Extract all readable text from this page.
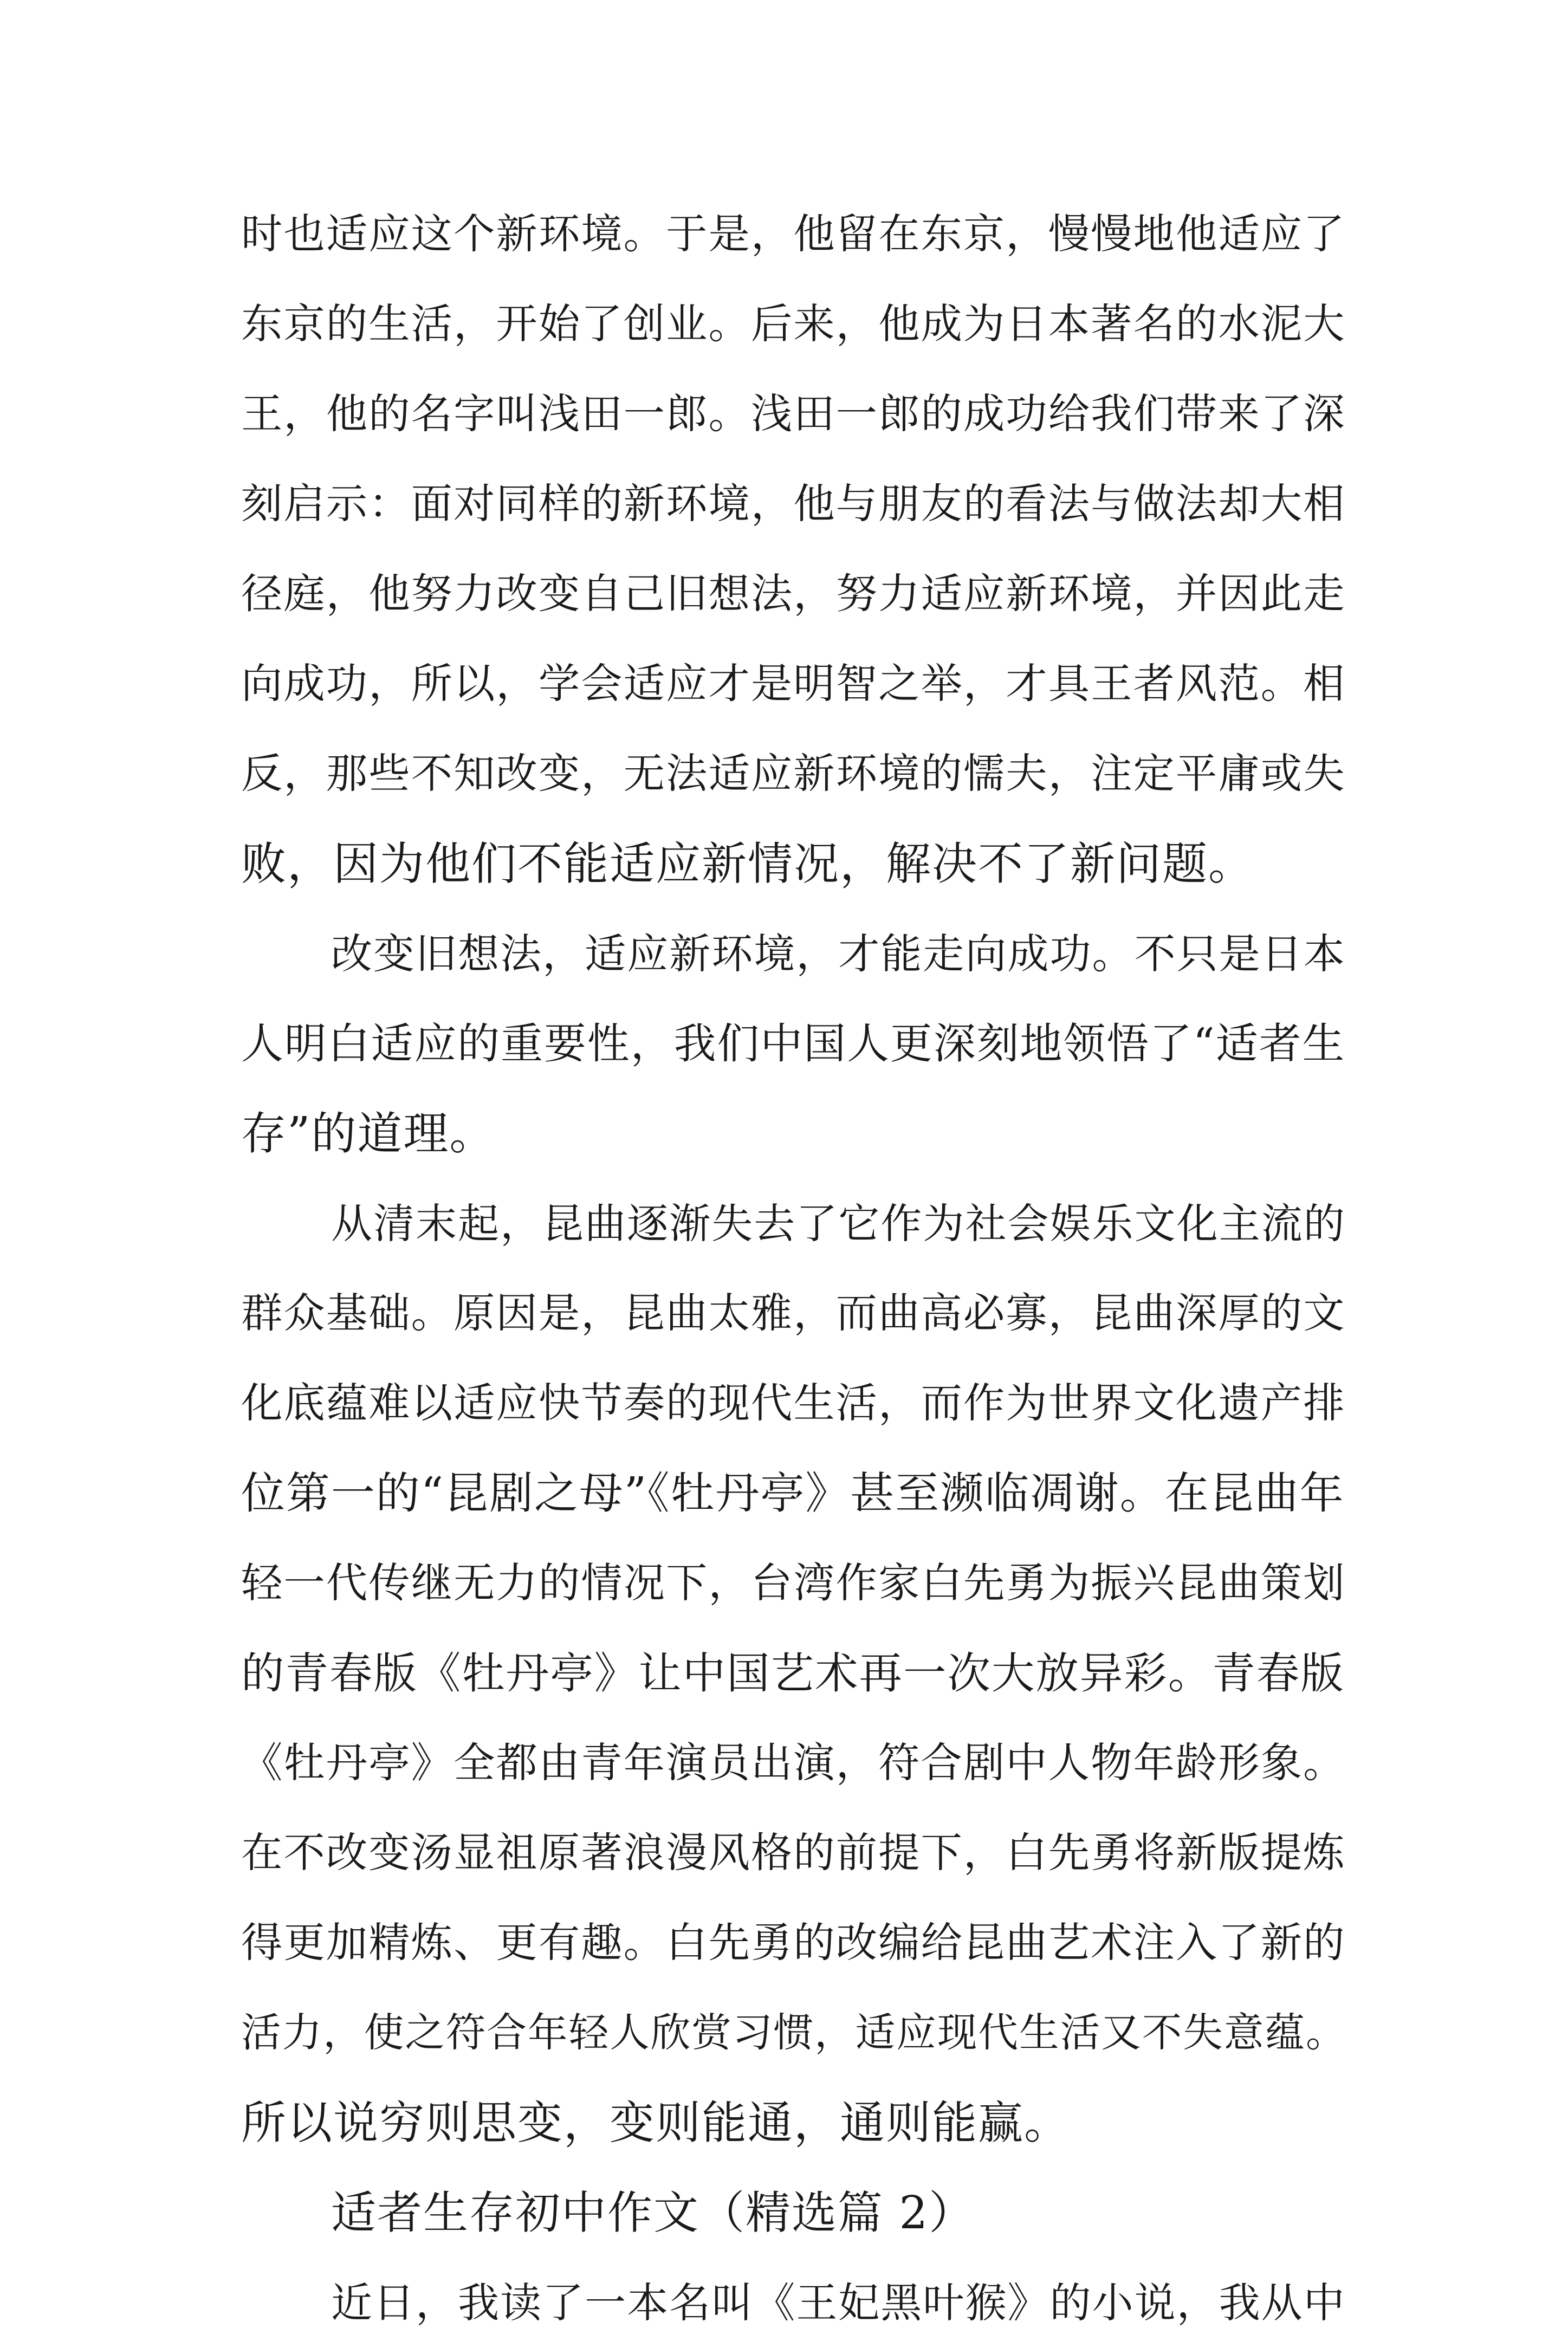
时也适应这个新环境。于是，他留在东京，慢慢地他适应了
东京的生活，开始了创业。后来，他成为日本著名的水泥大
王，他的名字叫浅田一郎。浅田一郎的成功给我们带来了深
刻启示：面对同样的新环境，他与朋友的看法与做法却大相
径庭，他努力改变自己旧想法，努力适应新环境，并因此走
向成功，所以，学会适应才是明智之举，才具王者风范。相
反，那些不知改变，无法适应新环境的懦夫，注定平庸或失
败，因为他们不能适应新情况，解决不了新问题。
改变旧想法，适应新环境，才能走向成功。不只是日本
人明白适应的重要性，我们中国人更深刻地领悟了“适者生
存”的道理。
从清末起，昆曲逐渐失去了它作为社会娱乐文化主流的
群众基础。原因是，昆曲太雅，而曲高必寡，昆曲深厚的文
化底蕴难以适应快节奏的现代生活，而作为世界文化遗产排
位第一的“昆剧之母”《牡丹亭》甚至濒临凋谢。在昆曲年
轻一代传继无力的情况下，台湾作家白先勇为振兴昆曲策划
的青春版《牡丹亭》让中国艺术再一次大放异彩。青春版
《牡丹亭》全都由青年演员出演，符合剧中人物年龄形象。
在不改变汤显祖原著浪漫风格的前提下，白先勇将新版提炼
得更加精炼、更有趣。白先勇的改编给昆曲艺术注入了新的
活力，使之符合年轻人欣赏习惯，适应现代生活又不失意蕴。
所以说穷则思变，变则能通，通则能赢。
适者生存初中作文（精选篇 2）
近日，我读了一本名叫《王妃黑叶猴》的小说，我从中
